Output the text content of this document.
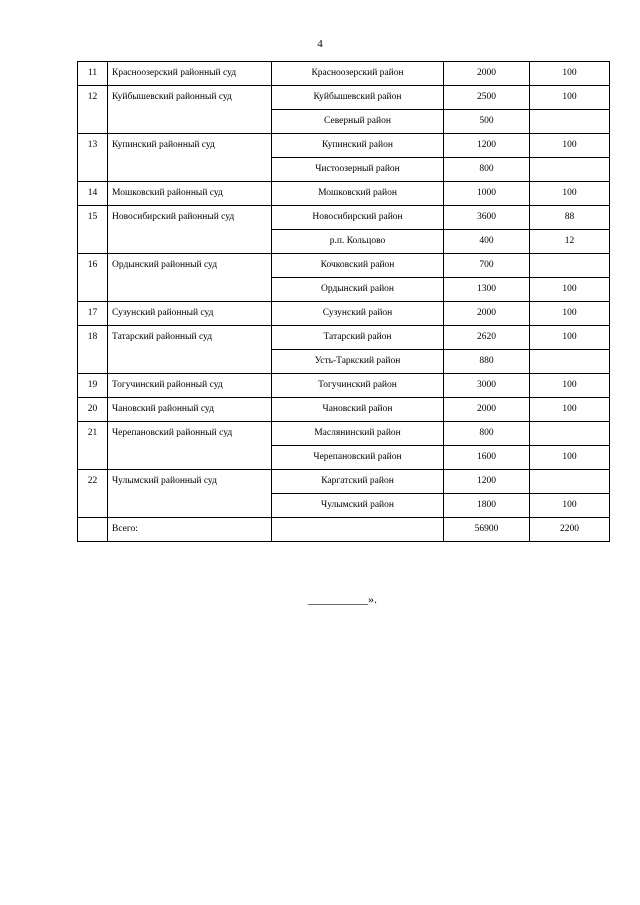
4
11	Красноозерский районный суд	Красноозерский район	2000	100
12	Куйбышевский районный суд	Куйбышевский район	2500	100
		Северный район	500	
13	Купинский районный суд	Купинский район	1200	100
		Чистоозерный район	800	
14	Мошковский районный суд	Мошковский район	1000	100
15	Новосибирский районный суд	Новосибирский район	3600	88
		р.п. Кольцово	400	12
16	Ордынский районный суд	Кочковский район	700	
		Ордынский район	1300	100
17	Сузунский районный суд	Сузунский район	2000	100
18	Татарский районный суд	Татарский район	2620	100
		Усть-Таркский район	880	
19	Тогучинский районный суд	Тогучинский район	3000	100
20	Чановский районный суд	Чановский район	2000	100
21	Черепановский районный суд	Маслянинский район	800	
		Черепановский район	1600	100
22	Чулымский районный суд	Каргатский район	1200	
		Чулымский район	1800	100
	Всего:		56900	2200
__________».
